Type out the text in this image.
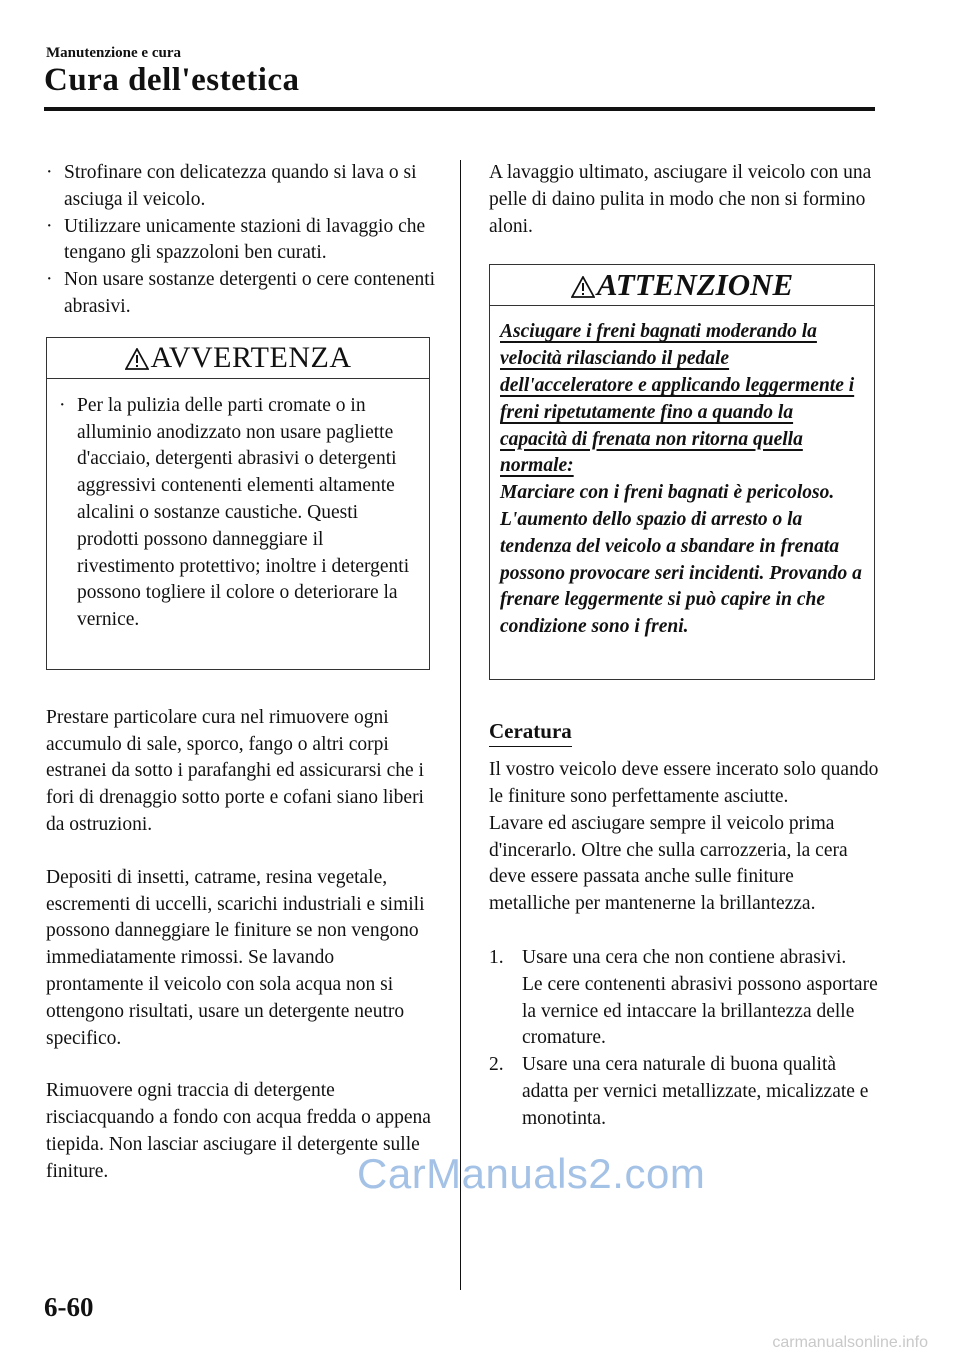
Manutenzione e cura
Cura dell'estetica
· Strofinare con delicatezza quando si lava o si asciuga il veicolo.
· Utilizzare unicamente stazioni di lavaggio che tengano gli spazzoloni ben curati.
· Non usare sostanze detergenti o cere contenenti abrasivi.
AVVERTENZA
· Per la pulizia delle parti cromate o in alluminio anodizzato non usare pagliette d'acciaio, detergenti abrasivi o detergenti aggressivi contenenti elementi altamente alcalini o sostanze caustiche. Questi prodotti possono danneggiare il rivestimento protettivo; inoltre i detergenti possono togliere il colore o deteriorare la vernice.

Prestare particolare cura nel rimuovere ogni accumulo di sale, sporco, fango o altri corpi estranei da sotto i parafanghi ed assicurarsi che i fori di drenaggio sotto porte e cofani siano liberi da ostruzioni.

Depositi di insetti, catrame, resina vegetale, escrementi di uccelli, scarichi industriali e simili possono danneggiare le finiture se non vengono immediatamente rimossi. Se lavando prontamente il veicolo con sola acqua non si ottengono risultati, usare un detergente neutro specifico.

Rimuovere ogni traccia di detergente risciacquando a fondo con acqua fredda o appena tiepida. Non lasciar asciugare il detergente sulle finiture.

A lavaggio ultimato, asciugare il veicolo con una pelle di daino pulita in modo che non si formino aloni.

ATTENZIONE
Asciugare i freni bagnati moderando la velocità rilasciando il pedale dell'acceleratore e applicando leggermente i freni ripetutamente fino a quando la capacità di frenata non ritorna quella normale:
Marciare con i freni bagnati è pericoloso. L'aumento dello spazio di arresto o la tendenza del veicolo a sbandare in frenata possono provocare seri incidenti. Provando a frenare leggermente si può capire in che condizione sono i freni.
Ceratura

Il vostro veicolo deve essere incerato solo quando le finiture sono perfettamente asciutte.

Lavare ed asciugare sempre il veicolo prima d'incerarlo. Oltre che sulla carrozzeria, la cera deve essere passata anche sulle finiture metalliche per mantenerne la brillantezza.

1. Usare una cera che non contiene abrasivi.
Le cere contenenti abrasivi possono asportare la vernice ed intaccare la brillantezza delle cromature.
2. Usare una cera naturale di buona qualità adatta per vernici metallizzate, micalizzate e monotinta.
6-60
CarManuals2.com
carmanualsonline.info
